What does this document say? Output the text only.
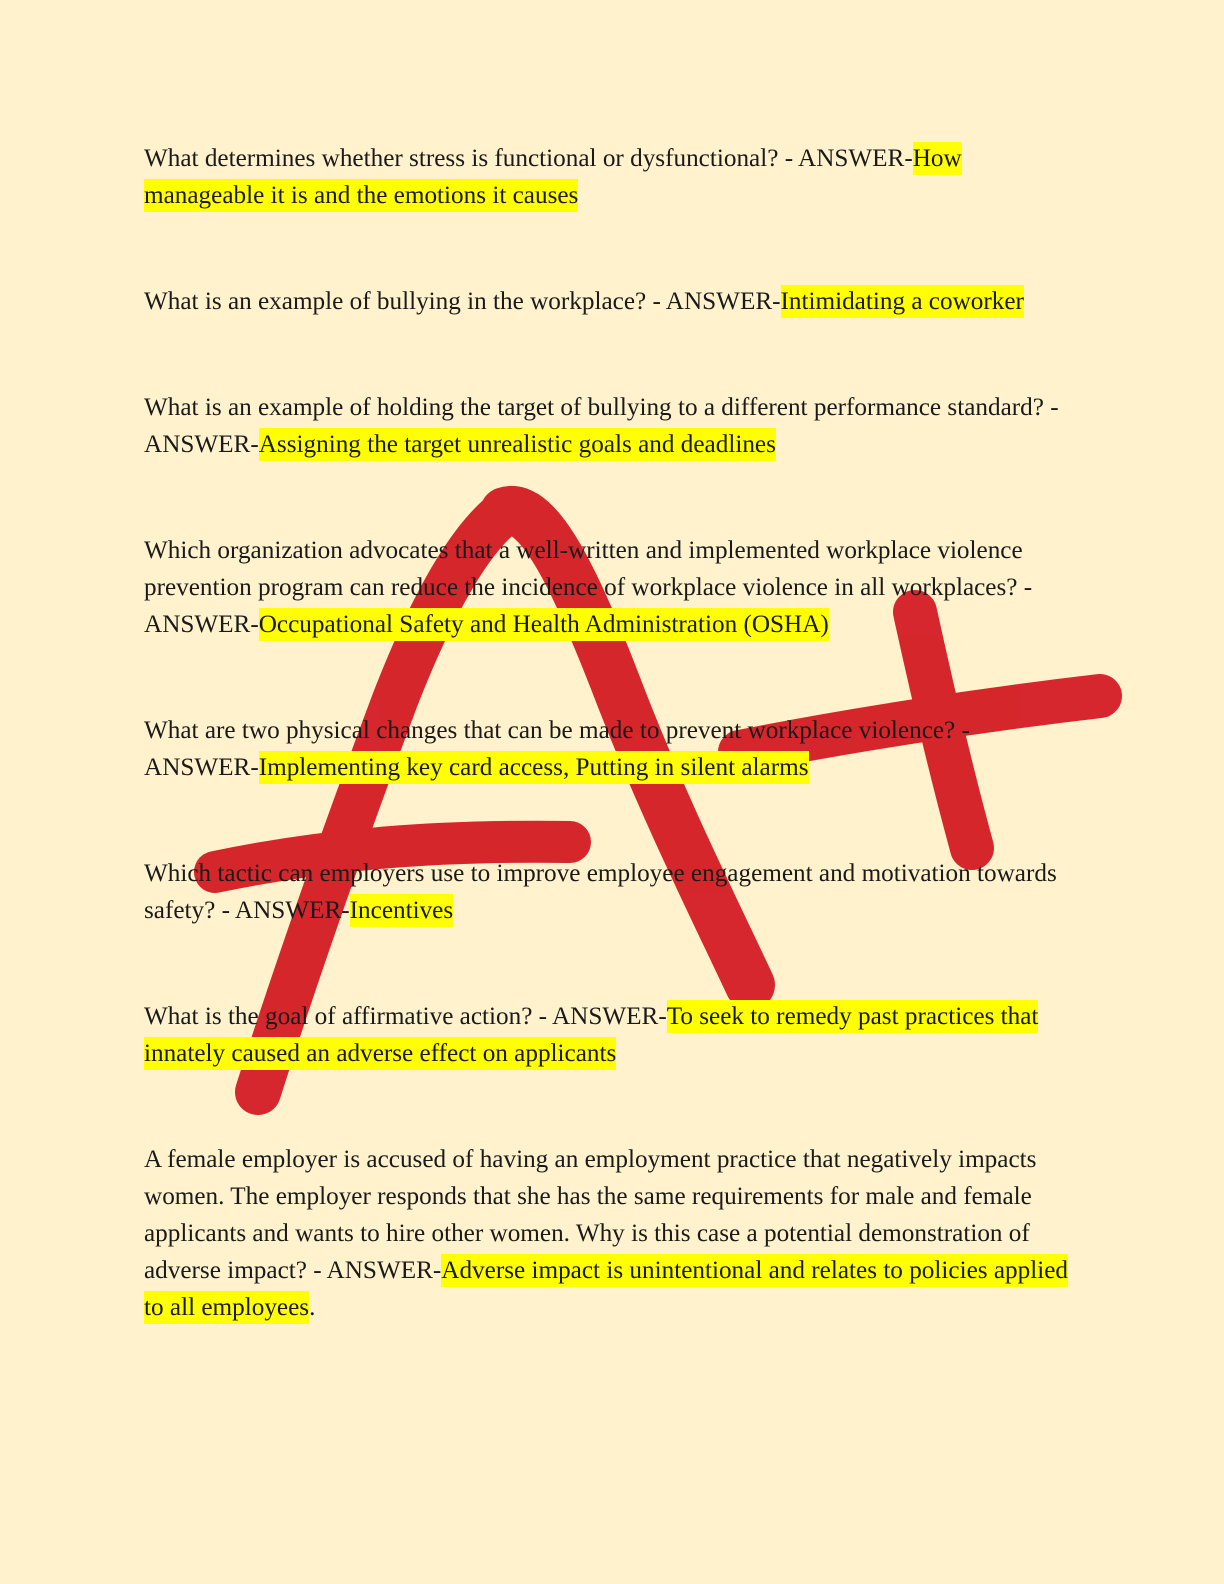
What determines whether stress is functional or dysfunctional? - ANSWER-How manageable it is and the emotions it causes

What is an example of bullying in the workplace? - ANSWER-Intimidating a coworker

What is an example of holding the target of bullying to a different performance standard? - ANSWER-Assigning the target unrealistic goals and deadlines

Which organization advocates that a well-written and implemented workplace violence prevention program can reduce the incidence of workplace violence in all workplaces? - ANSWER-Occupational Safety and Health Administration (OSHA)

What are two physical changes that can be made to prevent workplace violence? - ANSWER-Implementing key card access, Putting in silent alarms

Which tactic can employers use to improve employee engagement and motivation towards safety? - ANSWER-Incentives

What is the goal of affirmative action? - ANSWER-To seek to remedy past practices that innately caused an adverse effect on applicants

A female employer is accused of having an employment practice that negatively impacts women. The employer responds that she has the same requirements for male and female applicants and wants to hire other women. Why is this case a potential demonstration of adverse impact? - ANSWER-Adverse impact is unintentional and relates to policies applied to all employees.
